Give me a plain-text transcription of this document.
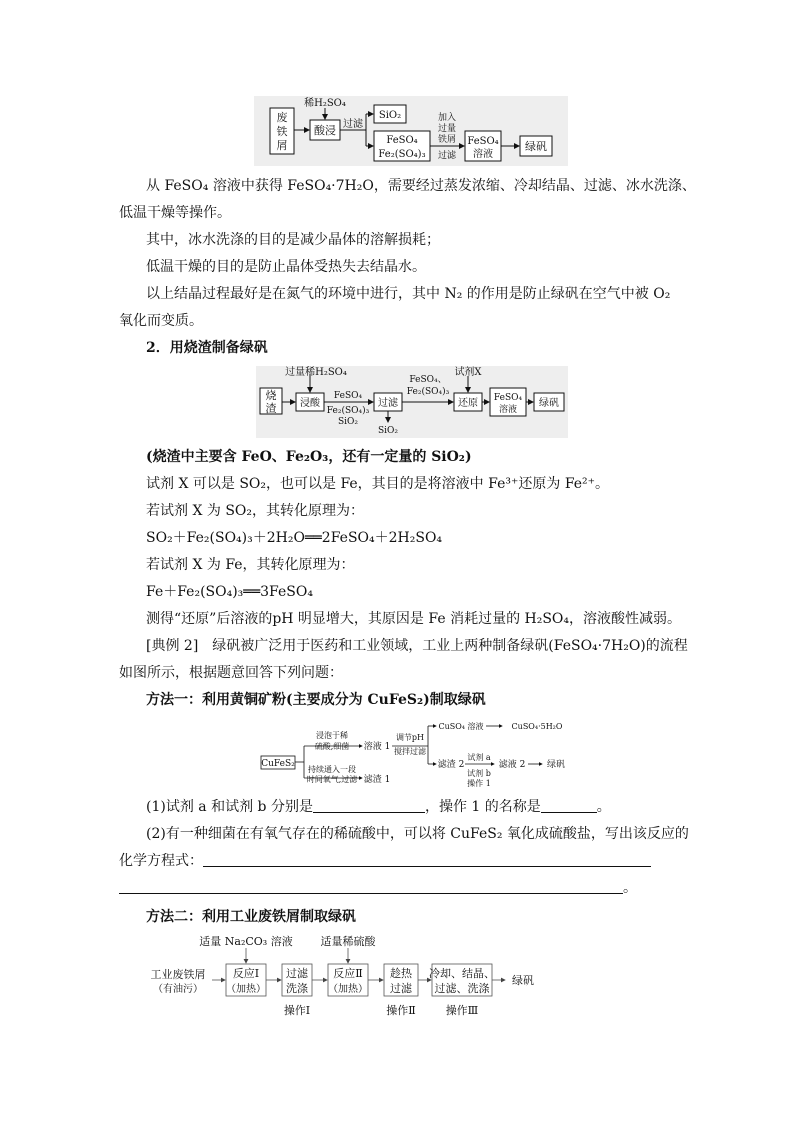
废
铁
屑
稀H₂SO₄
酸浸 过滤
SiO₂
FeSO₄
Fe₂(SO₄)₃
加入
过量
铁屑
过滤
FeSO₄
溶液
绿矾
从 FeSO₄ 溶液中获得 FeSO₄·7H₂O，需要经过蒸发浓缩、冷却结晶、过滤、冰水洗涤、
低温干燥等操作。
其中，冰水洗涤的目的是减少晶体的溶解损耗；
低温干燥的目的是防止晶体受热失去结晶水。
以上结晶过程最好是在氮气的环境中进行，其中 N₂ 的作用是防止绿矾在空气中被 O₂
氧化而变质。
2．用烧渣制备绿矾
烧
渣
过量稀H₂SO₄
浸酸
FeSO₄
Fe₂(SO₄)₃
SiO₂
过滤
SiO₂
FeSO₄、
Fe₂(SO₄)₃
试剂X
还原 FeSO₄
溶液
绿矾
(烧渣中主要含 FeO、Fe₂O₃，还有一定量的 SiO₂)
试剂 X 可以是 SO₂，也可以是 Fe，其目的是将溶液中 Fe³⁺还原为 Fe²⁺。
若试剂 X 为 SO₂，其转化原理为：
SO₂＋Fe₂(SO₄)₃＋2H₂O══2FeSO₄＋2H₂SO₄
若试剂 X 为 Fe，其转化原理为：
Fe＋Fe₂(SO₄)₃══3FeSO₄
测得“还原”后溶液的pH 明显增大，其原因是 Fe 消耗过量的 H₂SO₄，溶液酸性减弱。
[典例 2]　绿矾被广泛用于医药和工业领域，工业上两种制备绿矾(FeSO₄·7H₂O)的流程
如图所示，根据题意回答下列问题：
方法一：利用黄铜矿粉(主要成分为 CuFeS₂)制取绿矾
CuFeS₂
浸泡于稀
硫酸,细菌
持续通入一段
时间氧气,过滤
溶液 1
滤渣 1
调节pH
搅拌过滤
CuSO₄ 溶液	CuSO₄·5H₂O
滤渣 2
试剂 a
试剂 b
操作 1
滤液 2 绿矾
(1)试剂 a 和试剂 b 分别是	，操作 1 的名称是	。
(2)有一种细菌在有氧气存在的稀硫酸中，可以将 CuFeS₂ 氧化成硫酸盐，写出该反应的
化学方程式：
。
方法二：利用工业废铁屑制取绿矾
适量 Na₂CO₃ 溶液	适量稀硫酸
工业废铁屑
（有油污）
反应Ⅰ
（加热）
过滤
洗涤
反应Ⅱ
（加热）
趁热
过滤
冷却、结晶、
过滤、洗涤
绿矾
操作Ⅰ	操作Ⅱ	操作Ⅲ
